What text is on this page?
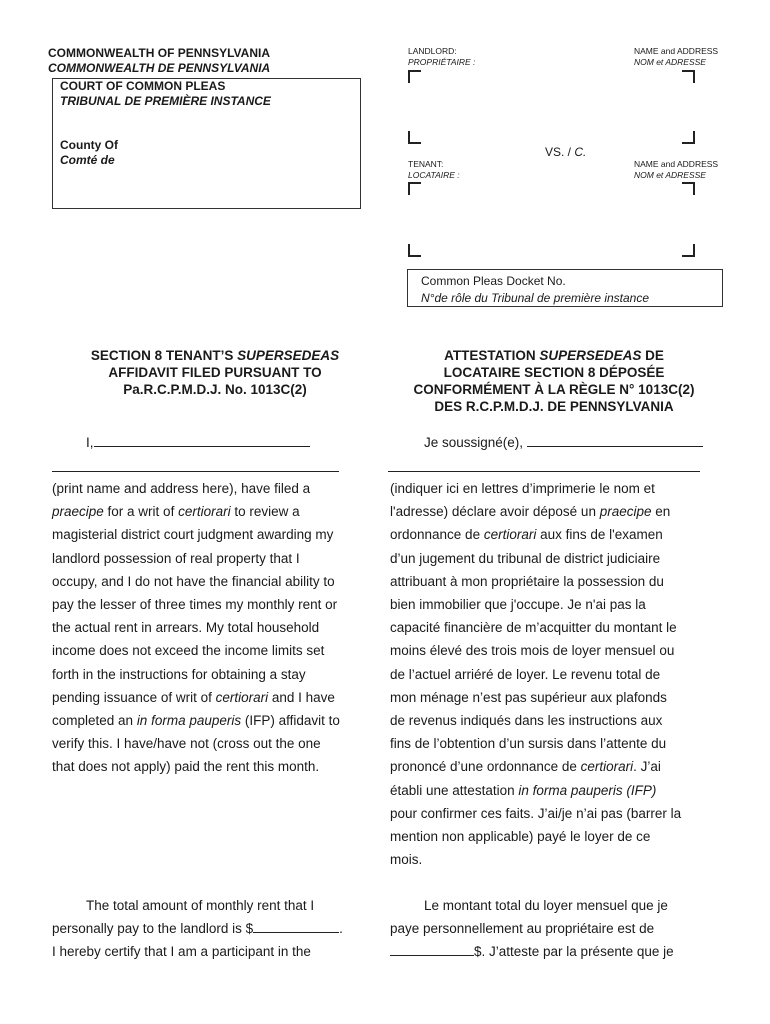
COMMONWEALTH OF PENNSYLVANIA
COMMONWEALTH DE PENNSYLVANIA
COURT OF COMMON PLEAS
TRIBUNAL DE PREMIÈRE INSTANCE
County Of
Comté de
LANDLORD:
PROPRIÉTAIRE :
NAME and ADDRESS
NOM et ADRESSE
VS. / C.
TENANT:
LOCATAIRE :
NAME and ADDRESS
NOM et ADRESSE
Common Pleas Docket No.
N°de rôle du Tribunal de première instance
SECTION 8 TENANT’S SUPERSEDEAS
AFFIDAVIT FILED PURSUANT TO
Pa.R.C.P.M.D.J. No. 1013C(2)
ATTESTATION SUPERSEDEAS DE
LOCATAIRE SECTION 8 DÉPOSÉE
CONFORMÉMENT À LA RÈGLE N° 1013C(2)
DES R.C.P.M.D.J. DE PENNSYLVANIA
I,	Je soussigné(e),
(print name and address here), have filed a
praecipe for a writ of certiorari to review a
magisterial district court judgment awarding my
landlord possession of real property that I
occupy, and I do not have the financial ability to
pay the lesser of three times my monthly rent or
the actual rent in arrears. My total household
income does not exceed the income limits set
forth in the instructions for obtaining a stay
pending issuance of writ of certiorari and I have
completed an in forma pauperis (IFP) affidavit to
verify this. I have/have not (cross out the one
that does not apply) paid the rent this month.
The total amount of monthly rent that I
personally pay to the landlord is $	.
I hereby certify that I am a participant in the
(indiquer ici en lettres d’imprimerie le nom et
l'adresse) déclare avoir déposé un praecipe en
ordonnance de certiorari aux fins de l'examen
d’un jugement du tribunal de district judiciaire
attribuant à mon propriétaire la possession du
bien immobilier que j'occupe. Je n'ai pas la
capacité financière de m’acquitter du montant le
moins élevé des trois mois de loyer mensuel ou
de l’actuel arriéré de loyer. Le revenu total de
mon ménage n’est pas supérieur aux plafonds
de revenus indiqués dans les instructions aux
fins de l’obtention d’un sursis dans l’attente du
prononcé d’une ordonnance de certiorari. J’ai
établi une attestation in forma pauperis (IFP)
pour confirmer ces faits. J’ai/je n’ai pas (barrer la
mention non applicable) payé le loyer de ce
mois.
Le montant total du loyer mensuel que je
paye personnellement au propriétaire est de
$. J’atteste par la présente que je
